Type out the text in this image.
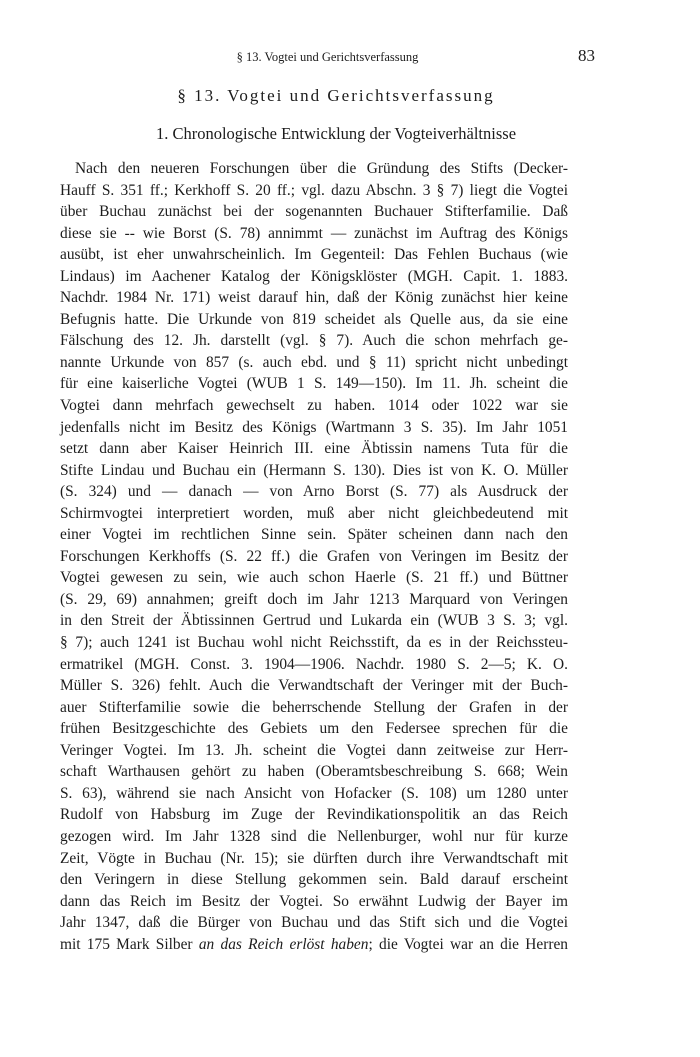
§ 13. Vogtei und Gerichtsverfassung	83
§ 13. Vogtei und Gerichtsverfassung
1. Chronologische Entwicklung der Vogteiverhältnisse
Nach den neueren Forschungen über die Gründung des Stifts (Decker-
Hauff S. 351 ff.; Kerkhoff S. 20 ff.; vgl. dazu Abschn. 3 § 7) liegt die Vogtei
über Buchau zunächst bei der sogenannten Buchauer Stifterfamilie. Daß
diese sie -- wie Borst (S. 78) annimmt — zunächst im Auftrag des Königs
ausübt, ist eher unwahrscheinlich. Im Gegenteil: Das Fehlen Buchaus (wie
Lindaus) im Aachener Katalog der Königsklöster (MGH. Capit. 1. 1883.
Nachdr. 1984 Nr. 171) weist darauf hin, daß der König zunächst hier keine
Befugnis hatte. Die Urkunde von 819 scheidet als Quelle aus, da sie eine
Fälschung des 12. Jh. darstellt (vgl. § 7). Auch die schon mehrfach ge-
nannte Urkunde von 857 (s. auch ebd. und § 11) spricht nicht unbedingt
für eine kaiserliche Vogtei (WUB 1 S. 149—150). Im 11. Jh. scheint die
Vogtei dann mehrfach gewechselt zu haben. 1014 oder 1022 war sie
jedenfalls nicht im Besitz des Königs (Wartmann 3 S. 35). Im Jahr 1051
setzt dann aber Kaiser Heinrich III. eine Äbtissin namens Tuta für die
Stifte Lindau und Buchau ein (Hermann S. 130). Dies ist von K. O. Müller
(S. 324) und — danach — von Arno Borst (S. 77) als Ausdruck der
Schirmvogtei interpretiert worden, muß aber nicht gleichbedeutend mit
einer Vogtei im rechtlichen Sinne sein. Später scheinen dann nach den
Forschungen Kerkhoffs (S. 22 ff.) die Grafen von Veringen im Besitz der
Vogtei gewesen zu sein, wie auch schon Haerle (S. 21 ff.) und Büttner
(S. 29, 69) annahmen; greift doch im Jahr 1213 Marquard von Veringen
in den Streit der Äbtissinnen Gertrud und Lukarda ein (WUB 3 S. 3; vgl.
§ 7); auch 1241 ist Buchau wohl nicht Reichsstift, da es in der Reichssteu-
ermatrikel (MGH. Const. 3. 1904—1906. Nachdr. 1980 S. 2—5; K. O.
Müller S. 326) fehlt. Auch die Verwandtschaft der Veringer mit der Buch-
auer Stifterfamilie sowie die beherrschende Stellung der Grafen in der
frühen Besitzgeschichte des Gebiets um den Federsee sprechen für die
Veringer Vogtei. Im 13. Jh. scheint die Vogtei dann zeitweise zur Herr-
schaft Warthausen gehört zu haben (Oberamtsbeschreibung S. 668; Wein
S. 63), während sie nach Ansicht von Hofacker (S. 108) um 1280 unter
Rudolf von Habsburg im Zuge der Revindikationspolitik an das Reich
gezogen wird. Im Jahr 1328 sind die Nellenburger, wohl nur für kurze
Zeit, Vögte in Buchau (Nr. 15); sie dürften durch ihre Verwandtschaft mit
den Veringern in diese Stellung gekommen sein. Bald darauf erscheint
dann das Reich im Besitz der Vogtei. So erwähnt Ludwig der Bayer im
Jahr 1347, daß die Bürger von Buchau und das Stift sich und die Vogtei
mit 175 Mark Silber an das Reich erlöst haben; die Vogtei war an die Herren
